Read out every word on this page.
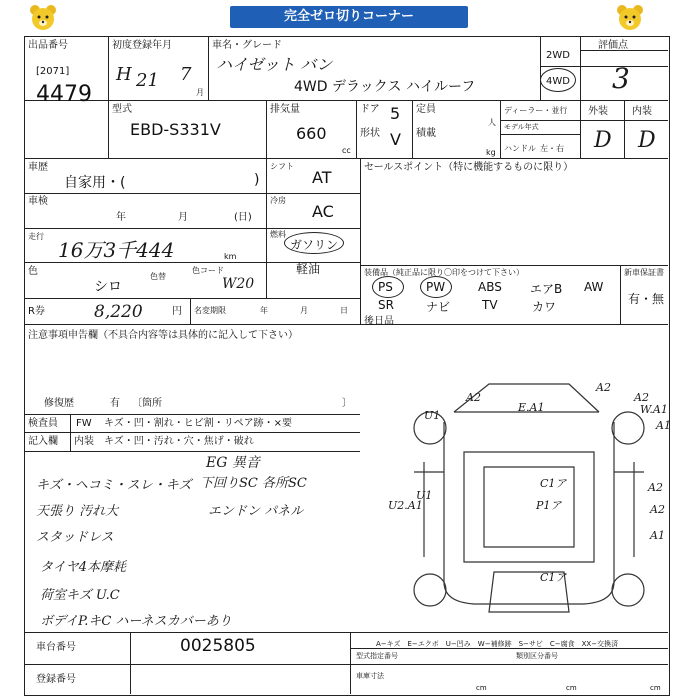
完全ゼロ切りコーナー
出品番号
[2071]
4479
初度登録年月
H 21 7
月
車名・グレード
ハイゼット バン
4WD デラックス ハイルーフ
2WD
4WD
評価点
3
型式
EBD-S331V
排気量
660
cc
ドア 5
形状 V
定員
人
積載
kg
ディーラー・並行
モデル年式
ハンドル 左・右
外装 内装
D D
車歴
自家用・(	)
シフト
AT
車検
年	月	(日)
冷房
AC
走行
16万3千444	km
燃料
ガソリン
軽油
色
シロ
色替
色コード
W20
R券	8,220	円 名変期限	年	月	日
セールスポイント（特に機能するものに限り）
装備品（純正品に限り〇印をつけて下さい）	新車保証書
有・無
PS	PW	ABS エアB AW
SR	ナビ	TV	カワ
後日品
注意事項申告欄（不具合内容等は具体的に記入して下さい）
修復歴	有 〔箇所	〕
検査員
記入欄
FW
内装
キズ・凹・割れ・ヒビ割・リペア跡・×要
キズ・凹・汚れ・穴・焦げ・破れ
EG 異音
下回りSC 各所SC
エンドン パネル
キズ・ヘコミ・スレ・キズ
天張り 汚れ大
スタッドレス
タイヤ4本摩耗
荷室キズ U.C
ボデイP.キC ハーネスカバーあり
E.A1
A2
W.A1
A2
U1
A2
A1
A2
C1ア
P1ア
C1ア
U1
U2.A1	A2
A1
A−キズ　E−エクボ　U−凹み　W−補修跡　S−サビ　C−腐食　XX−交換済
車台番号	0025805
登録番号
型式指定番号	類別区分番号
車庫寸法
cm	cm	cm
